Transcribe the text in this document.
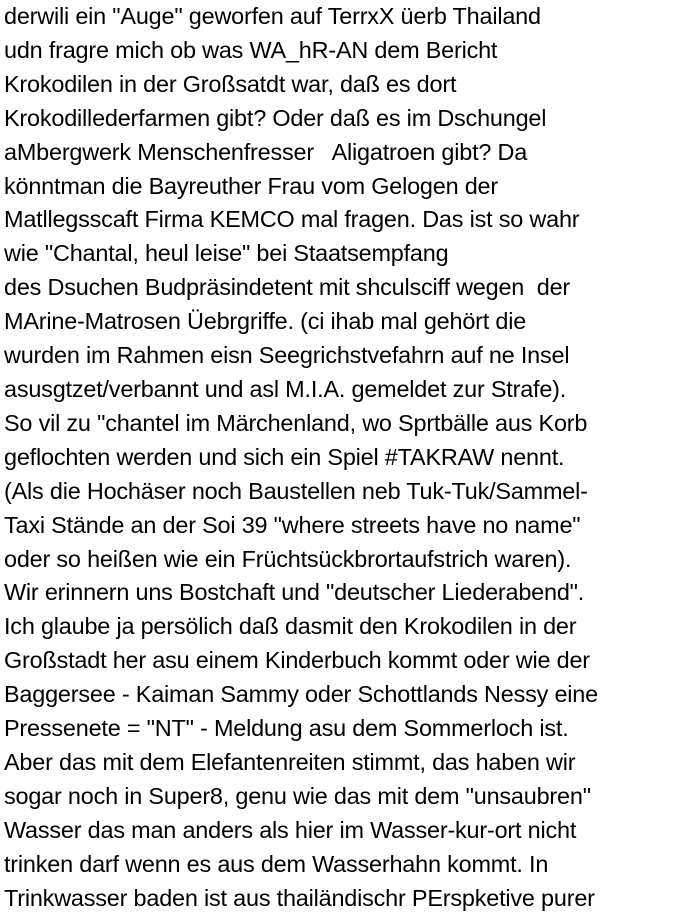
derwili ein "Auge" geworfen auf TerrxX üerb Thailand
udn fragre mich ob was WA_hR-AN dem Bericht
Krokodilen in der Großsatdt war, daß es dort
Krokodillederfarmen gibt? Oder daß es im Dschungel
aMbergwerk Menschenfresser   Aligatroen gibt? Da
könntman die Bayreuther Frau vom Gelogen der
Matllegsscaft Firma KEMCO mal fragen. Das ist so wahr
wie "Chantal, heul leise" bei Staatsempfang
des Dsuchen Budpräsindetent mit shculsciff wegen  der
MArine-Matrosen Üebrgriffe. (ci ihab mal gehört die
wurden im Rahmen eisn Seegrichstvefahrn auf ne Insel
asusgtzet/verbannt und asl M.I.A. gemeldet zur Strafe).
So vil zu "chantel im Märchenland, wo Sprtbälle aus Korb
geflochten werden und sich ein Spiel #TAKRAW nennt.
(Als die Hochäser noch Baustellen neb Tuk-Tuk/Sammel-
Taxi Stände an der Soi 39 "where streets have no name"
oder so heißen wie ein Früchtsückbrortaufstrich waren).
Wir erinnern uns Bostchaft und "deutscher Liederabend".
Ich glaube ja persölich daß dasmit den Krokodilen in der
Großstadt her asu einem Kinderbuch kommt oder wie der
Baggersee - Kaiman Sammy oder Schottlands Nessy eine
Pressenete = "NT" - Meldung asu dem Sommerloch ist.
Aber das mit dem Elefantenreiten stimmt, das haben wir
sogar noch in Super8, genu wie das mit dem "unsaubren"
Wasser das man anders als hier im Wasser-kur-ort nicht
trinken darf wenn es aus dem Wasserhahn kommt. In
Trinkwasser baden ist aus thailändischr PErspketive purer
